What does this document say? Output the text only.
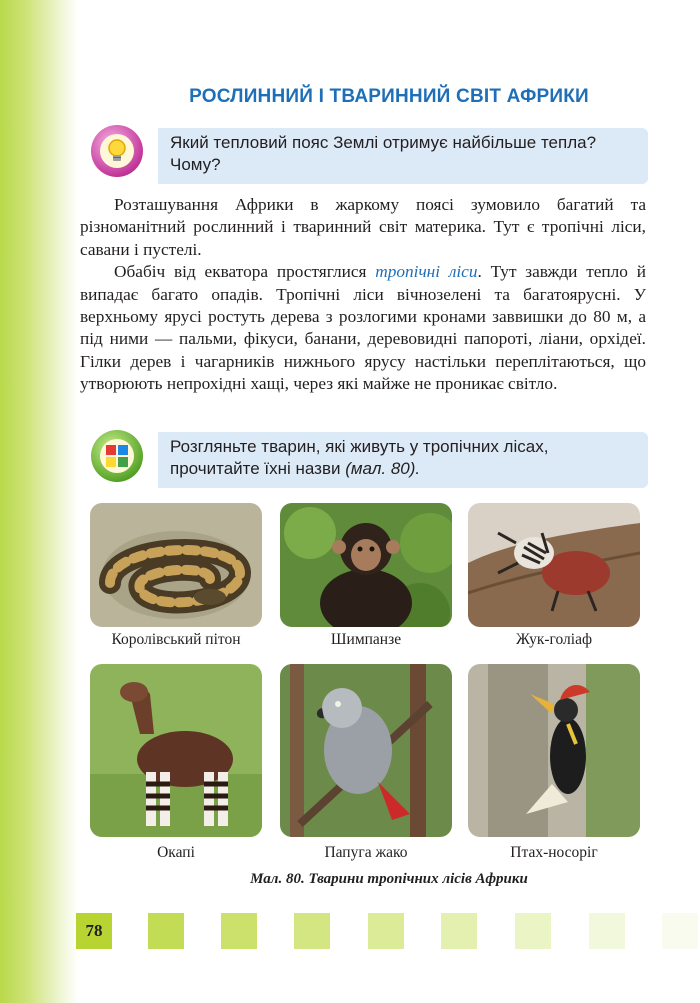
РОСЛИННИЙ І ТВАРИННИЙ СВІТ АФРИКИ
Який тепловий пояс Землі отримує найбільше тепла? Чому?

Розташування Африки в жаркому поясі зумовило багатий та різноманітний рослинний і тваринний світ материка. Тут є тропічні ліси, савани і пустелі.

Обабіч від екватора простяглися тропічні ліси. Тут завжди тепло й випадає багато опадів. Тропічні ліси вічнозелені та багатоярусні. У верхньому ярусі ростуть дерева з розлогими кронами заввишки до 80 м, а під ними — пальми, фікуси, банани, деревовидні папороті, ліани, орхідеї. Гілки дерев і чагарників нижнього ярусу настільки переплітаються, що утворюють непрохідні хащі, через які майже не проникає світло.

Розгляньте тварин, які живуть у тропічних лісах, прочитайте їхні назви (мал. 80).
Королівський пітон	Шимпанзе	Жук-голіаф
Окапі	Папуга жако	Птах-носоріг
Мал. 80. Тварини тропічних лісів Африки
78
